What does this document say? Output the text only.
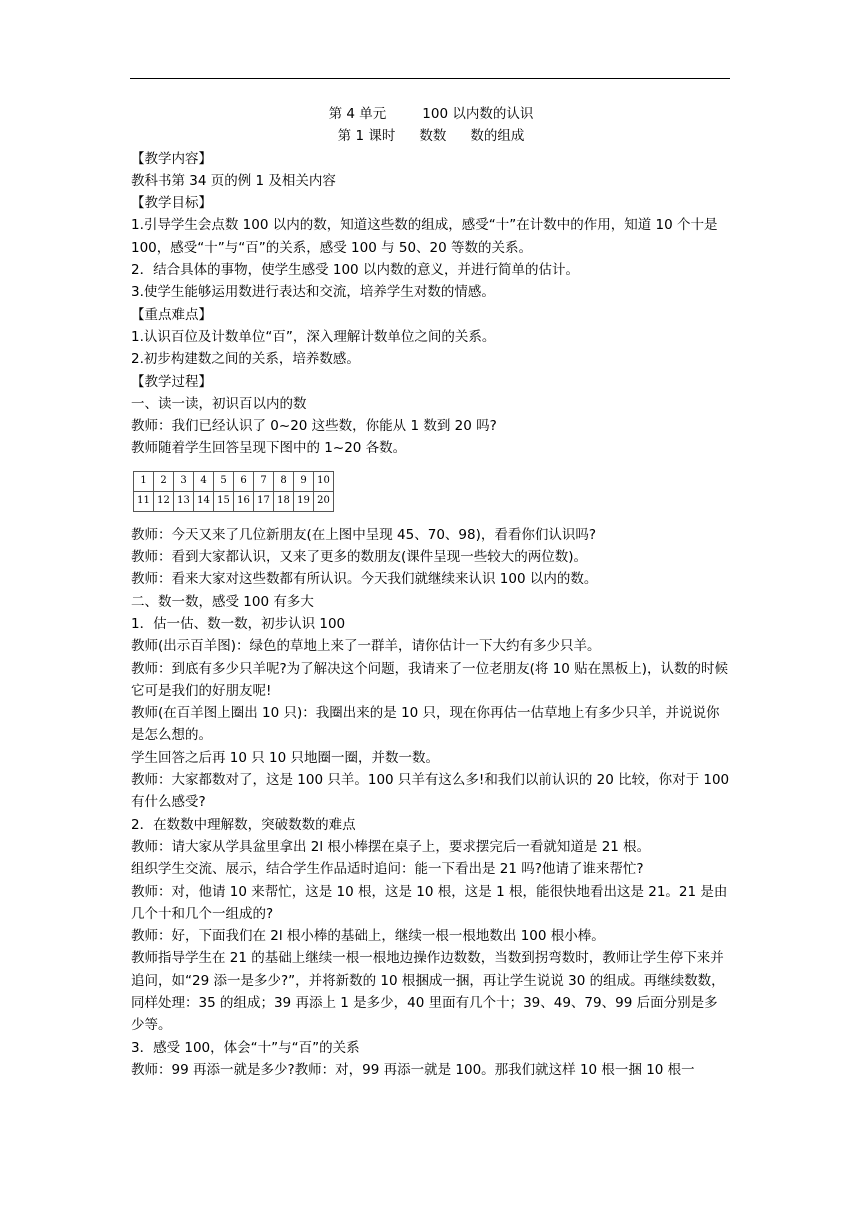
第 4 单元	100 以内数的认识

第 1 课时 数数 数的组成

【教学内容】

教科书第 34 页的例 1 及相关内容

【教学目标】

1.引导学生会点数 100 以内的数，知道这些数的组成，感受“十”在计数中的作用，知道 10 个十是 100，感受“十”与“百”的关系，感受 100 与 50、20 等数的关系。

2．结合具体的事物，使学生感受 100 以内数的意义，并进行简单的估计。

3.使学生能够运用数进行表达和交流，培养学生对数的情感。

【重点难点】

1.认识百位及计数单位“百”，深入理解计数单位之间的关系。

2.初步构建数之间的关系，培养数感。

【教学过程】

一、读一读，初识百以内的数

教师：我们已经认识了 0~20 这些数，你能从 1 数到 20 吗?

教师随着学生回答呈现下图中的 1~20 各数。

1	2	3	4	5	6	7	8	9	10
11	12	13	14	15	16	17	18	19	20

教师：今天又来了几位新朋友(在上图中呈现 45、70、98)，看看你们认识吗?

教师：看到大家都认识，又来了更多的数朋友(课件呈现一些较大的两位数)。

教师：看来大家对这些数都有所认识。今天我们就继续来认识 100 以内的数。

二、数一数，感受 100 有多大

1．估一估、数一数，初步认识 100

教师(出示百羊图)：绿色的草地上来了一群羊，请你估计一下大约有多少只羊。

教师：到底有多少只羊呢?为了解决这个问题，我请来了一位老朋友(将 10 贴在黑板上)，认数的时候它可是我们的好朋友呢!

教师(在百羊图上圈出 10 只)：我圈出来的是 10 只，现在你再估一估草地上有多少只羊，并说说你是怎么想的。

学生回答之后再 10 只 10 只地圈一圈，并数一数。

教师：大家都数对了，这是 100 只羊。100 只羊有这么多!和我们以前认识的 20 比较，你对于 100 有什么感受?

2．在数数中理解数，突破数数的难点

教师：请大家从学具盆里拿出 2l 根小棒摆在桌子上，要求摆完后一看就知道是 21 根。

组织学生交流、展示，结合学生作品适时追问：能一下看出是 21 吗?他请了谁来帮忙?

教师：对，他请 10 来帮忙，这是 10 根，这是 10 根，这是 1 根，能很快地看出这是 21。21 是由几个十和几个一组成的?

教师：好，下面我们在 2l 根小棒的基础上，继续一根一根地数出 100 根小棒。

教师指导学生在 21 的基础上继续一根一根地边操作边数数，当数到拐弯数时，教师让学生停下来并追问，如“29 添一是多少?”，并将新数的 10 根捆成一捆，再让学生说说 30 的组成。再继续数数，同样处理：35 的组成；39 再添上 1 是多少，40 里面有几个十；39、49、79、99 后面分别是多少等。

3．感受 100，体会“十”与“百”的关系

教师：99 再添一就是多少?教师：对，99 再添一就是 100。那我们就这样 10 根一捆 10 根一
